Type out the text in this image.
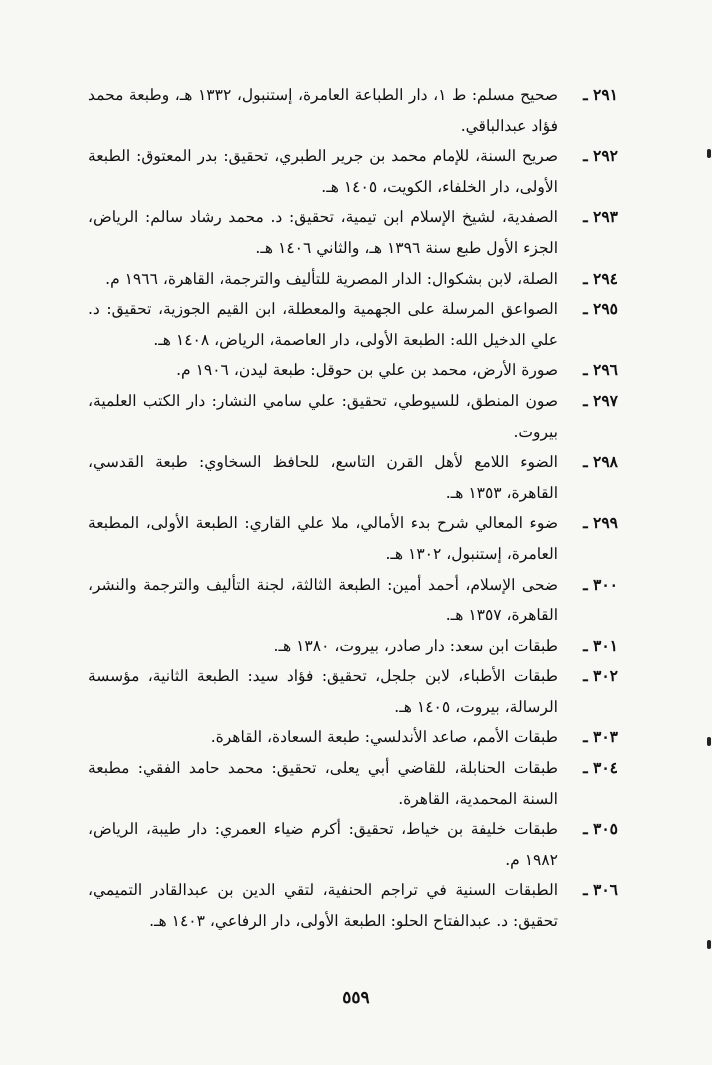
٢٩١ ـ
صحيح مسلم: ط ١، دار الطباعة العامرة، إستنبول، ١٣٣٢ هـ، وطبعة محمد فؤاد عبدالباقي.
٢٩٢ ـ
صريح السنة، للإمام محمد بن جرير الطبري، تحقيق: بدر المعتوق: الطبعة الأولى، دار الخلفاء، الكويت، ١٤٠٥ هـ.
٢٩٣ ـ
الصفدية، لشيخ الإسلام ابن تيمية، تحقيق: د. محمد رشاد سالم: الرياض، الجزء الأول طبع سنة ١٣٩٦ هـ، والثاني ١٤٠٦ هـ.
٢٩٤ ـ
الصلة، لابن بشكوال: الدار المصرية للتأليف والترجمة، القاهرة، ١٩٦٦ م.
٢٩٥ ـ
الصواعق المرسلة على الجهمية والمعطلة، ابن القيم الجوزية، تحقيق: د. علي الدخيل الله: الطبعة الأولى، دار العاصمة، الرياض، ١٤٠٨ هـ.
٢٩٦ ـ
صورة الأرض، محمد بن علي بن حوقل: طبعة ليدن، ١٩٠٦ م.
٢٩٧ ـ
صون المنطق، للسيوطي، تحقيق: علي سامي النشار: دار الكتب العلمية، بيروت.
٢٩٨ ـ
الضوء اللامع لأهل القرن التاسع، للحافظ السخاوي: طبعة القدسي، القاهرة، ١٣٥٣ هـ.
٢٩٩ ـ
ضوء المعالي شرح بدء الأمالي، ملا علي القاري: الطبعة الأولى، المطبعة العامرة، إستنبول، ١٣٠٢ هـ.
٣٠٠ ـ
ضحى الإسلام، أحمد أمين: الطبعة الثالثة، لجنة التأليف والترجمة والنشر، القاهرة، ١٣٥٧ هـ.
٣٠١ ـ
طبقات ابن سعد: دار صادر، بيروت، ١٣٨٠ هـ.
٣٠٢ ـ
طبقات الأطباء، لابن جلجل، تحقيق: فؤاد سيد: الطبعة الثانية، مؤسسة الرسالة، بيروت، ١٤٠٥ هـ.
٣٠٣ ـ
طبقات الأمم، صاعد الأندلسي: طبعة السعادة، القاهرة.
٣٠٤ ـ
طبقات الحنابلة، للقاضي أبي يعلى، تحقيق: محمد حامد الفقي: مطبعة السنة المحمدية، القاهرة.
٣٠٥ ـ
طبقات خليفة بن خياط، تحقيق: أكرم ضياء العمري: دار طيبة، الرياض، ١٩٨٢ م.
٣٠٦ ـ
الطبقات السنية في تراجم الحنفية، لتقي الدين بن عبدالقادر التميمي، تحقيق: د. عبدالفتاح الحلو: الطبعة الأولى، دار الرفاعي، ١٤٠٣ هـ.
٥٥٩
